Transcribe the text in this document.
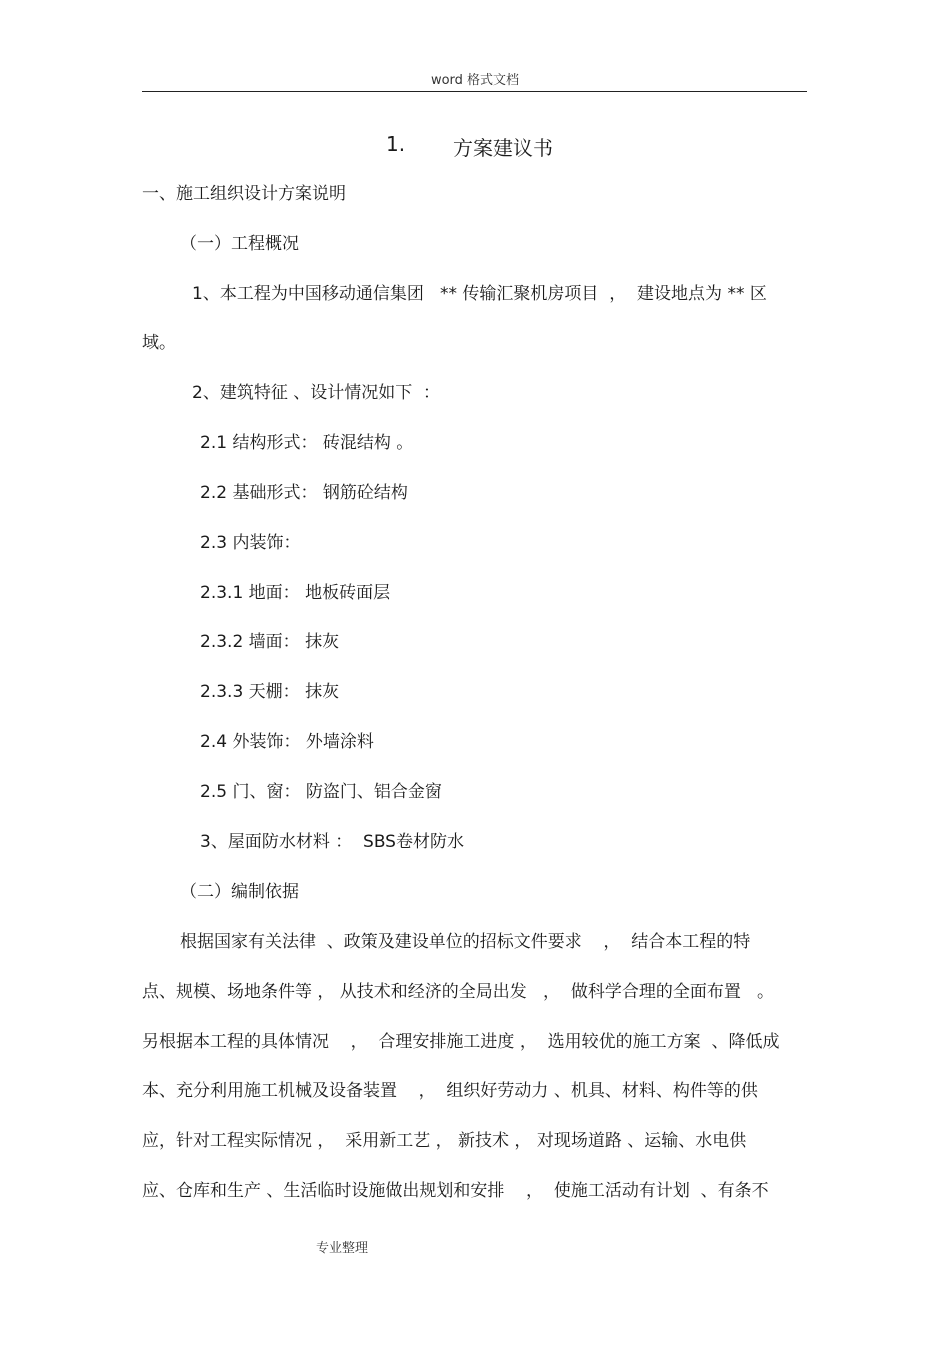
word 格式文档
1. 方案建议书
一、施工组织设计方案说明
（一）工程概况
1、本工程为中国移动通信集团   ** 传输汇聚机房项目  ，  建设地点为 ** 区
域。
2、建筑特征 、设计情况如下  ：
2.1 结构形式： 砖混结构 。
2.2 基础形式： 钢筋砼结构
2.3 内装饰：
2.3.1 地面： 地板砖面层
2.3.2 墙面： 抹灰
2.3.3 天棚： 抹灰
2.4 外装饰： 外墙涂料
2.5 门、窗： 防盗门、铝合金窗
3、屋面防水材料 ：  SBS卷材防水
（二）编制依据
根据国家有关法律  、政策及建设单位的招标文件要求    ，  结合本工程的特
点、规模、场地条件等 ， 从技术和经济的全局出发   ，  做科学合理的全面布置   。
另根据本工程的具体情况    ，  合理安排施工进度 ，  选用较优的施工方案  、降低成
本、充分利用施工机械及设备装置    ，  组织好劳动力 、机具、材料、构件等的供
应，针对工程实际情况 ，  采用新工艺 ， 新技术 ， 对现场道路 、运输、水电供
应、仓库和生产 、生活临时设施做出规划和安排    ，  使施工活动有计划  、有条不
专业整理
